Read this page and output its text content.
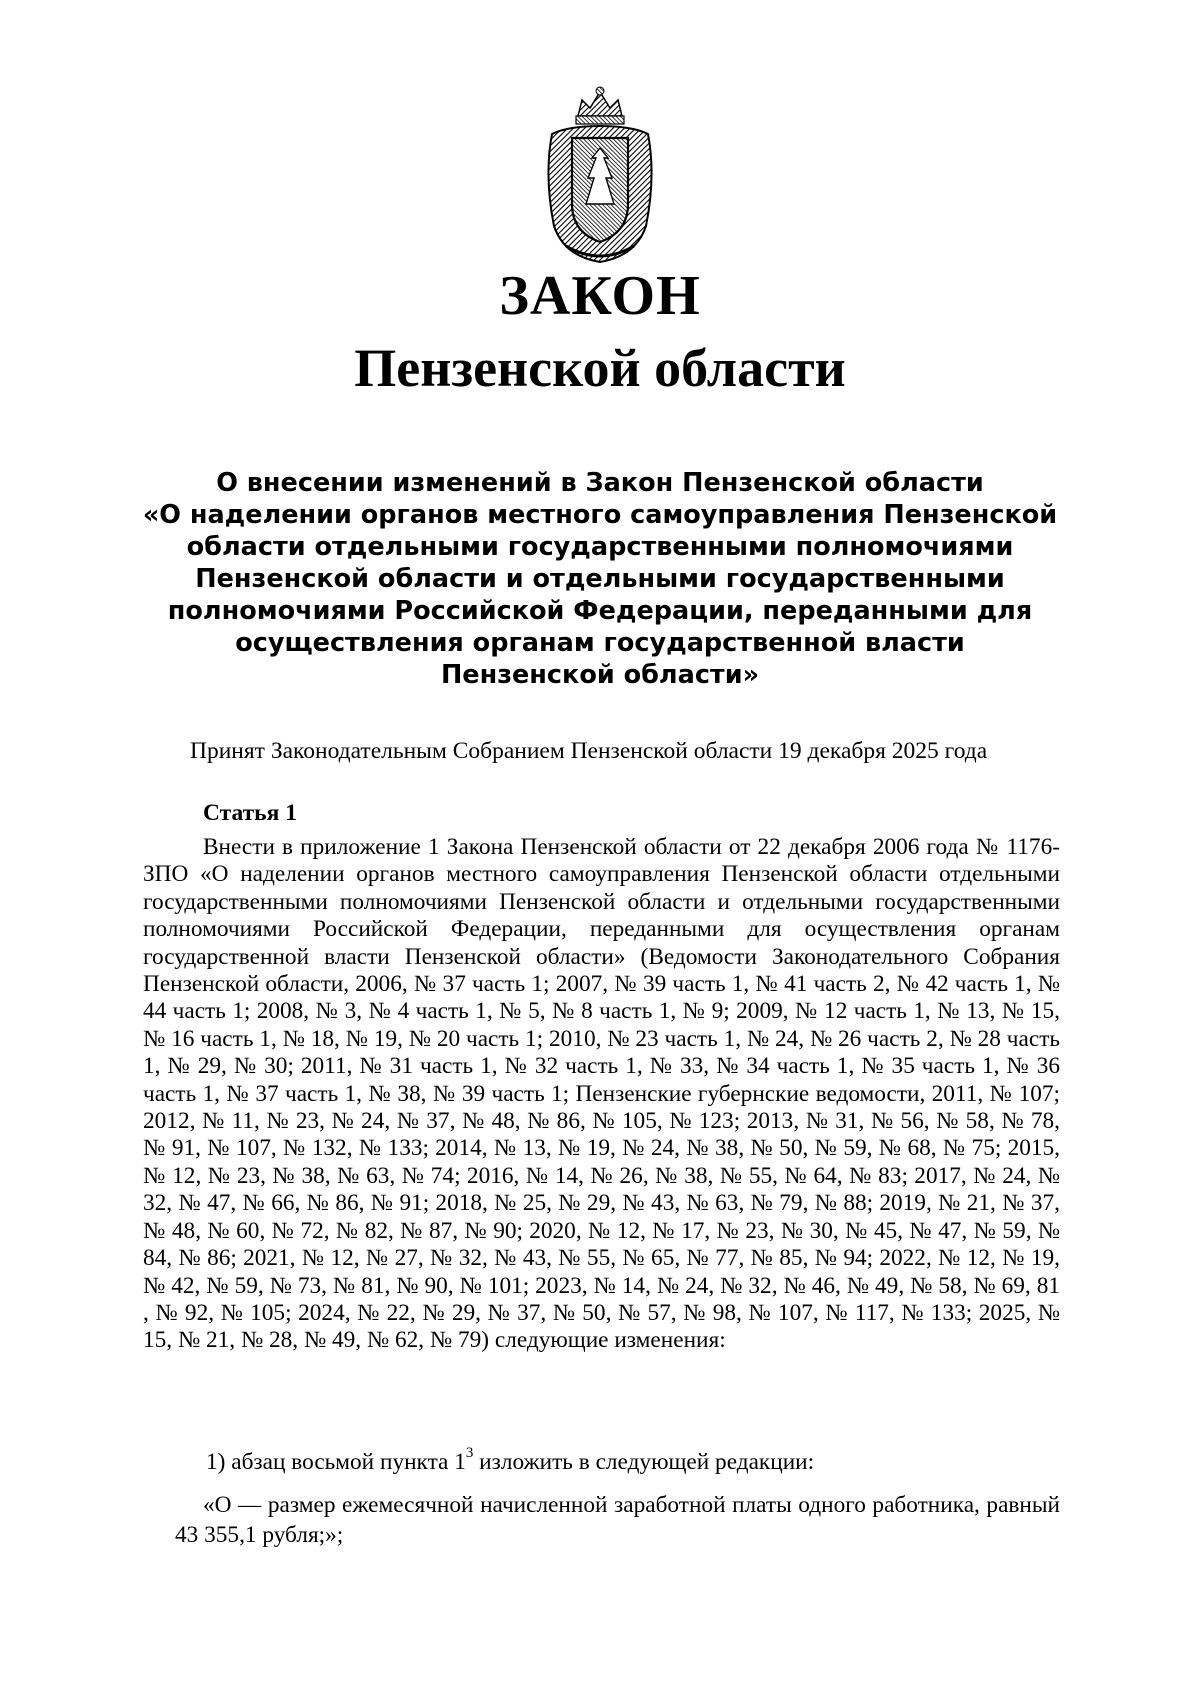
ЗАКОН
Пензенской области
О внесении изменений в Закон Пензенской области
«О наделении органов местного самоуправления Пензенской
области отдельными государственными полномочиями
Пензенской области и отдельными государственными
полномочиями Российской Федерации, переданными для
осуществления органам государственной власти
Пензенской области»
Принят Законодательным Собранием Пензенской области 19 декабря 2025 года
Статья 1

Внести в приложение 1 Закона Пензенской области от 22 декабря 2006 года № 1176-ЗПО «О наделении органов местного самоуправления Пензенской области отдельными государственными полномочиями Пензенской области и отдельными государственными полномочиями Российской Федерации, переданными для осуществления органам государственной власти Пензенской области» (Ведомости Законодательного Собрания Пензенской области, 2006, № 37 часть 1; 2007, № 39 часть 1, № 41 часть 2, № 42 часть 1, № 44 часть 1; 2008, № 3, № 4 часть 1, № 5, № 8 часть 1, № 9; 2009, № 12 часть 1, № 13, № 15, № 16 часть 1, № 18, № 19, № 20 часть 1; 2010, № 23 часть 1, № 24, № 26 часть 2, № 28 часть 1, № 29, № 30; 2011, № 31 часть 1, № 32 часть 1, № 33, № 34 часть 1, № 35 часть 1, № 36 часть 1, № 37 часть 1, № 38, № 39 часть 1; Пензенские губернские ведомости, 2011, № 107; 2012, № 11, № 23, № 24, № 37, № 48, № 86, № 105, № 123; 2013, № 31, № 56, № 58, № 78, № 91, № 107, № 132, № 133; 2014, № 13, № 19, № 24, № 38, № 50, № 59, № 68, № 75; 2015, № 12, № 23, № 38, № 63, № 74; 2016, № 14, № 26, № 38, № 55, № 64, № 83; 2017, № 24, № 32, № 47, № 66, № 86, № 91; 2018, № 25, № 29, № 43, № 63, № 79, № 88; 2019, № 21, № 37, № 48, № 60, № 72, № 82, № 87, № 90; 2020, № 12, № 17, № 23, № 30, № 45, № 47, № 59, № 84, № 86; 2021, № 12, № 27, № 32, № 43, № 55, № 65, № 77, № 85, № 94; 2022, № 12, № 19, № 42, № 59, № 73, № 81, № 90, № 101; 2023, № 14, № 24, № 32, № 46, № 49, № 58, № 69, 81 , № 92, № 105; 2024, № 22, № 29, № 37, № 50, № 57, № 98, № 107, № 117, № 133; 2025, № 15, № 21, № 28, № 49, № 62, № 79) следующие изменения:

1) абзац восьмой пункта $1^3$ изложить в следующей редакции:

«О — размер ежемесячной начисленной заработной платы одного работника, равный 43 355,1 рубля;»;
